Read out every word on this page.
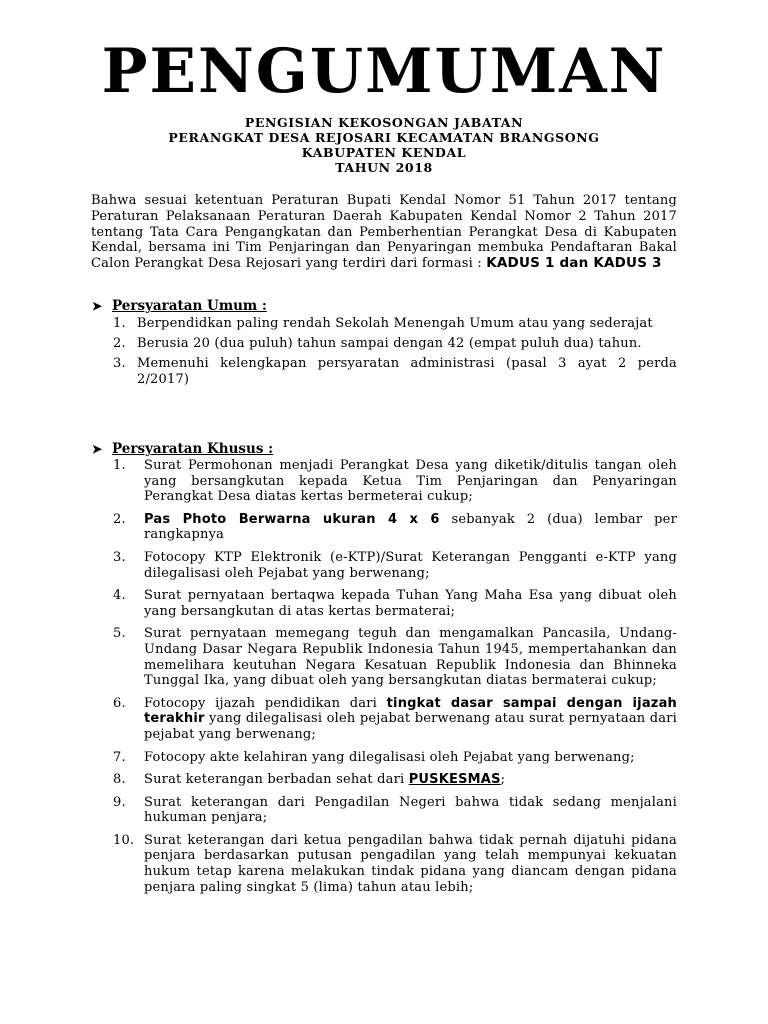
PENGUMUMAN
PENGISIAN KEKOSONGAN JABATAN
PERANGKAT DESA REJOSARI KECAMATAN BRANGSONG
KABUPATEN KENDAL
TAHUN 2018
Bahwa sesuai ketentuan Peraturan Bupati Kendal Nomor 51 Tahun 2017 tentang Peraturan Pelaksanaan Peraturan Daerah Kabupaten Kendal Nomor 2 Tahun 2017 tentang Tata Cara Pengangkatan dan Pemberhentian Perangkat Desa di Kabupaten Kendal, bersama ini Tim Penjaringan dan Penyaringan membuka Pendaftaran Bakal Calon Perangkat Desa Rejosari yang terdiri dari formasi : KADUS 1 dan KADUS 3
➤ Persyaratan Umum :
1. Berpendidkan paling rendah Sekolah Menengah Umum atau yang sederajat
2. Berusia 20 (dua puluh) tahun sampai dengan 42 (empat puluh dua) tahun.
3. Memenuhi kelengkapan persyaratan administrasi (pasal 3 ayat 2 perda 2/2017)
➤ Persyaratan Khusus :
1. Surat Permohonan menjadi Perangkat Desa yang diketik/ditulis tangan oleh yang bersangkutan kepada Ketua Tim Penjaringan dan Penyaringan Perangkat Desa diatas kertas bermeterai cukup;
2. Pas Photo Berwarna ukuran 4 x 6 sebanyak 2 (dua) lembar per rangkapnya
3. Fotocopy KTP Elektronik (e-KTP)/Surat Keterangan Pengganti e-KTP yang dilegalisasi oleh Pejabat yang berwenang;
4. Surat pernyataan bertaqwa kepada Tuhan Yang Maha Esa yang dibuat oleh yang bersangkutan di atas kertas bermaterai;
5. Surat pernyataan memegang teguh dan mengamalkan Pancasila, Undang-Undang Dasar Negara Republik Indonesia Tahun 1945, mempertahankan dan memelihara keutuhan Negara Kesatuan Republik Indonesia dan Bhinneka Tunggal Ika, yang dibuat oleh yang bersangkutan diatas bermaterai cukup;
6. Fotocopy ijazah pendidikan dari tingkat dasar sampai dengan ijazah terakhir yang dilegalisasi oleh pejabat berwenang atau surat pernyataan dari pejabat yang berwenang;
7. Fotocopy akte kelahiran yang dilegalisasi oleh Pejabat yang berwenang;
8. Surat keterangan berbadan sehat dari PUSKESMAS;
9. Surat keterangan dari Pengadilan Negeri bahwa tidak sedang menjalani hukuman penjara;
10. Surat keterangan dari ketua pengadilan bahwa tidak pernah dijatuhi pidana penjara berdasarkan putusan pengadilan yang telah mempunyai kekuatan hukum tetap karena melakukan tindak pidana yang diancam dengan pidana penjara paling singkat 5 (lima) tahun atau lebih;
